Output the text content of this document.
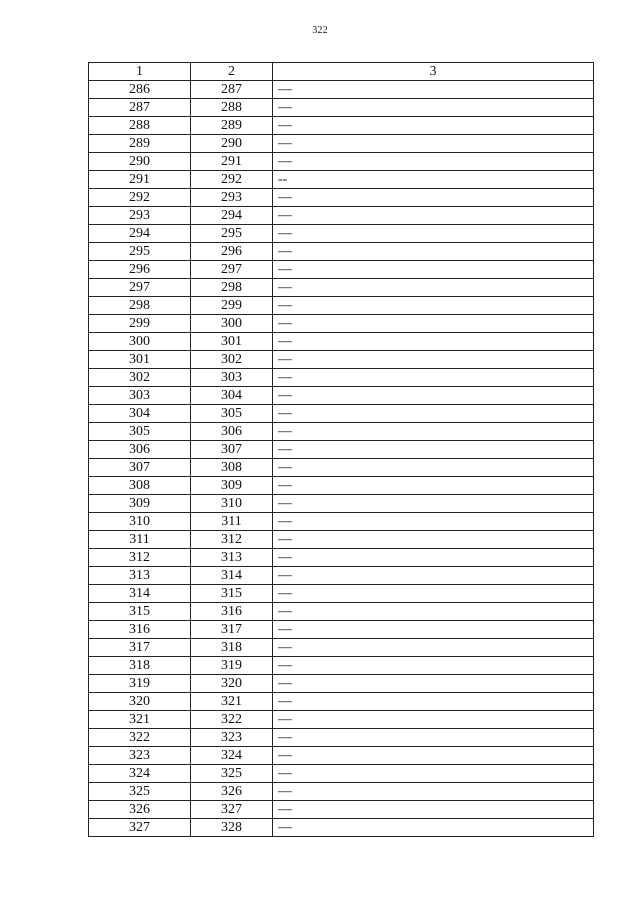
322
1	2	3
286	287	—
287	288	—
288	289	—
289	290	—
290	291	—
291	292	--
292	293	—
293	294	—
294	295	—
295	296	—
296	297	—
297	298	—
298	299	—
299	300	—
300	301	—
301	302	—
302	303	—
303	304	—
304	305	—
305	306	—
306	307	—
307	308	—
308	309	—
309	310	—
310	311	—
311	312	—
312	313	—
313	314	—
314	315	—
315	316	—
316	317	—
317	318	—
318	319	—
319	320	—
320	321	—
321	322	—
322	323	—
323	324	—
324	325	—
325	326	—
326	327	—
327	328	—
